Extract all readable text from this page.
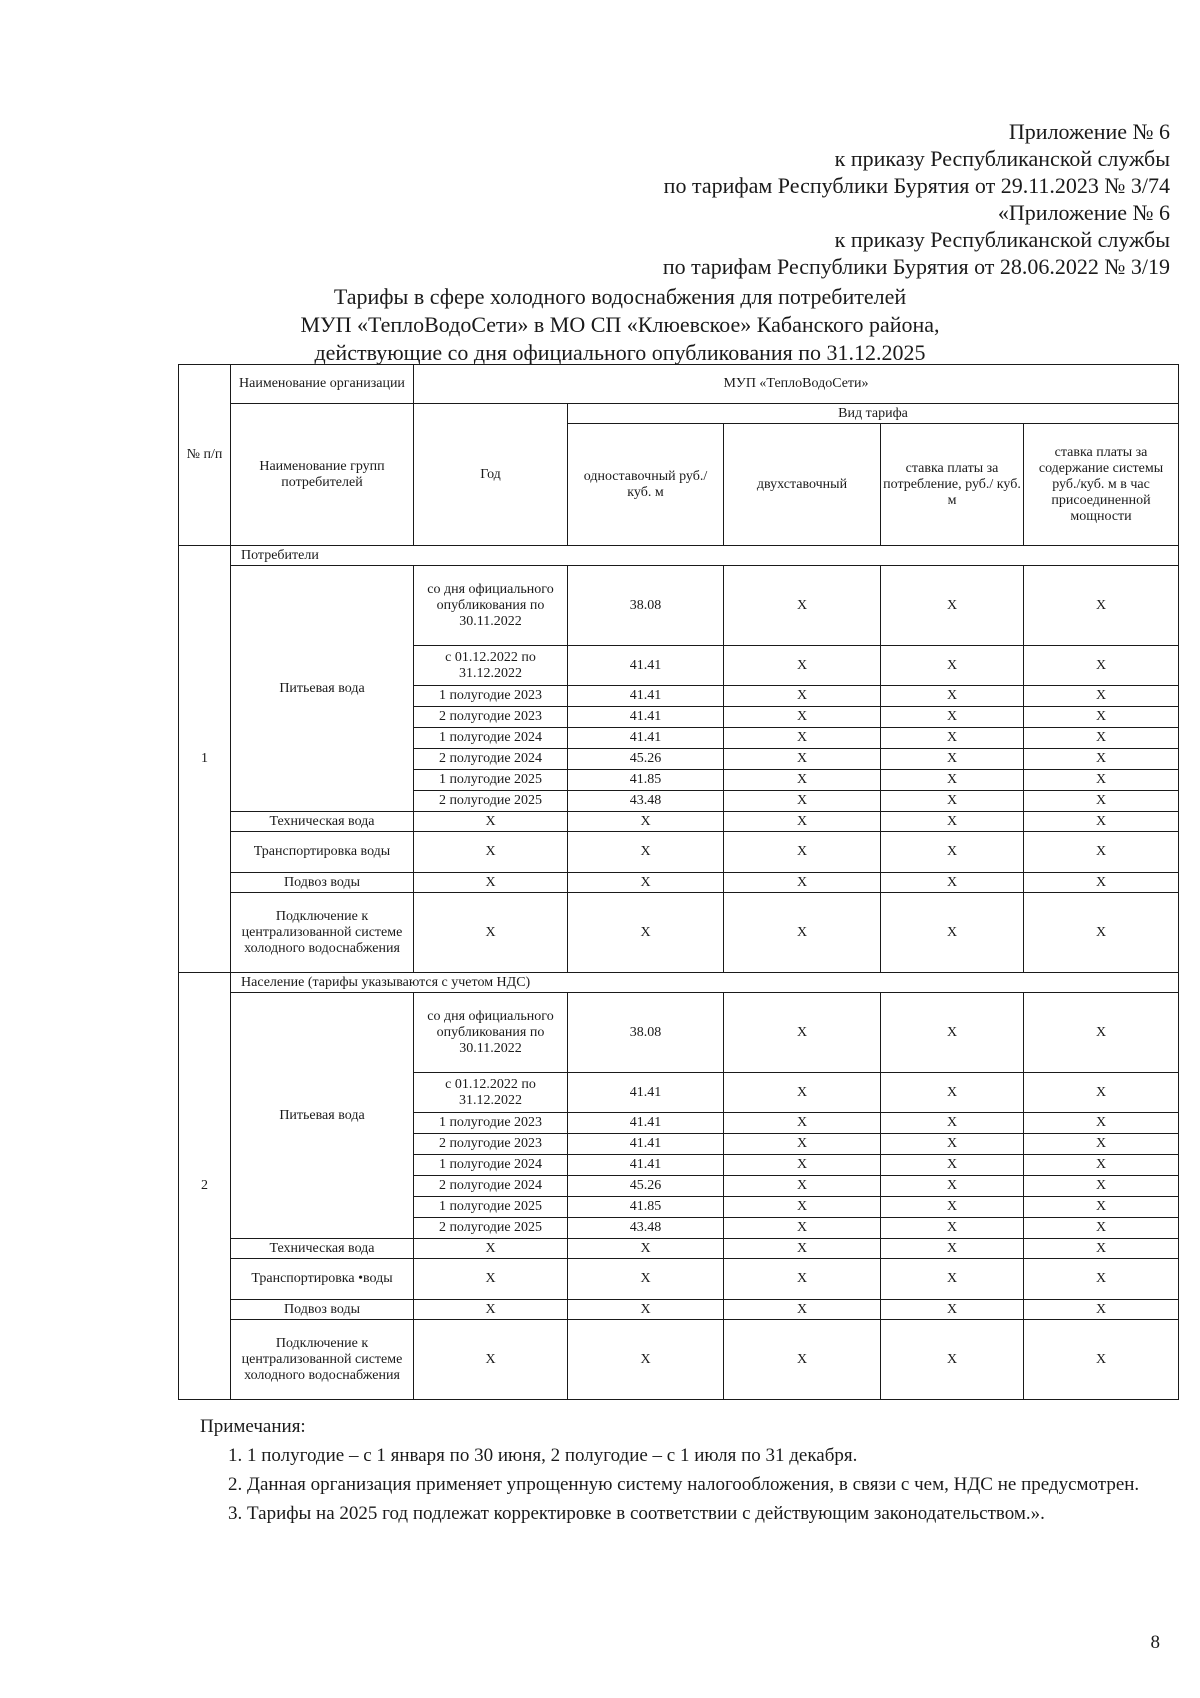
Приложение № 6
к приказу Республиканской службы
по тарифам Республики Бурятия от 29.11.2023 № 3/74
«Приложение № 6
к приказу Республиканской службы
по тарифам Республики Бурятия от 28.06.2022 № 3/19
Тарифы в сфере холодного водоснабжения для потребителей
МУП «ТеплоВодоСети» в МО СП «Клюевское» Кабанского района,
действующие со дня официального опубликования по 31.12.2025
№ п/п	Наименование организации	МУП «ТеплоВодоСети»				
	Наименование групп потребителей	Год	Вид тарифа			
			одноставочный руб./ куб. м	двухставочный	ставка платы за потребление, руб./ куб. м	ставка платы за содержание системы руб./куб. м в час присоединенной мощности
1	Потребители					
	Питьевая вода	со дня официального опубликования по 30.11.2022	38.08	X	X	X
		с 01.12.2022 по 31.12.2022	41.41	X	X	X
		1 полугодие 2023	41.41	X	X	X
		2 полугодие 2023	41.41	X	X	X
		1 полугодие 2024	41.41	X	X	X
		2 полугодие 2024	45.26	X	X	X
		1 полугодие 2025	41.85	X	X	X
		2 полугодие 2025	43.48	X	X	X
	Техническая вода	X	X	X	X	X
	Транспортировка воды	X	X	X	X	X
	Подвоз воды	X	X	X	X	X
	Подключение к централизованной системе холодного водоснабжения	X	X	X	X	X
2	Население (тарифы указываются с учетом НДС)					
	Питьевая вода	со дня официального опубликования по 30.11.2022	38.08	X	X	X
		с 01.12.2022 по 31.12.2022	41.41	X	X	X
		1 полугодие 2023	41.41	X	X	X
		2 полугодие 2023	41.41	X	X	X
		1 полугодие 2024	41.41	X	X	X
		2 полугодие 2024	45.26	X	X	X
		1 полугодие 2025	41.85	X	X	X
		2 полугодие 2025	43.48	X	X	X
	Техническая вода	X	X	X	X	X
	Транспортировка •воды	X	X	X	X	X
	Подвоз воды	X	X	X	X	X
	Подключение к централизованной системе холодного водоснабжения	X	X	X	X	X
Примечания:
1. 1 полугодие – с 1 января по 30 июня, 2 полугодие – с 1 июля по 31 декабря.
2. Данная организация применяет упрощенную систему налогообложения, в связи с чем, НДС не предусмотрен.
3. Тарифы на 2025 год подлежат корректировке в соответствии с действующим законодательством.».
8
